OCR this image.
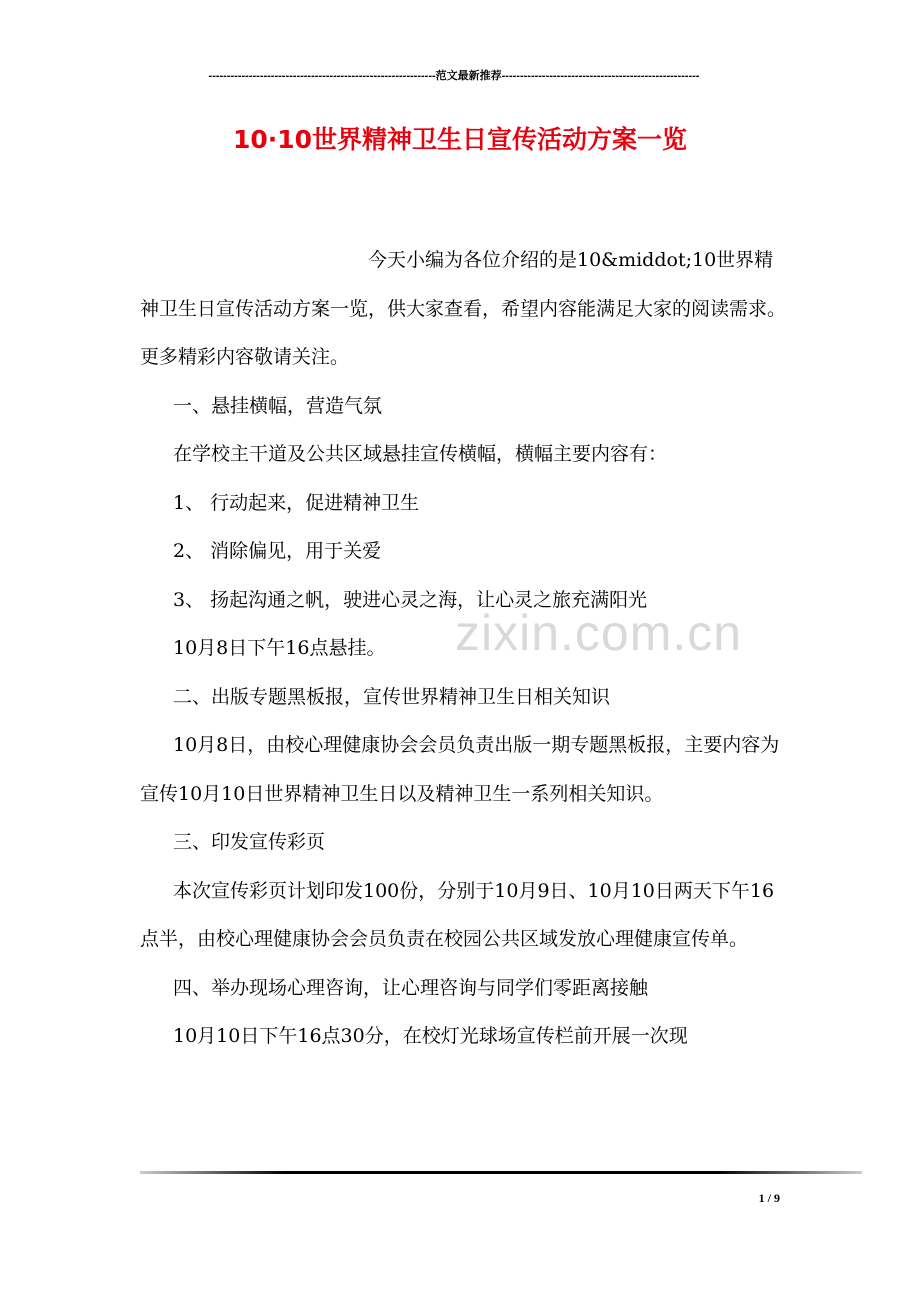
--------------------------------------------------------------范文最新推荐------------------------------------------------------
10·10世界精神卫生日宣传活动方案一览

今天小编为各位介绍的是10&middot;10世界精神卫生日宣传活动方案一览，供大家查看，希望内容能满足大家的阅读需求。更多精彩内容敬请关注。

一、悬挂横幅，营造气氛

在学校主干道及公共区域悬挂宣传横幅，横幅主要内容有：

1、 行动起来，促进精神卫生

2、 消除偏见，用于关爱

3、 扬起沟通之帆，驶进心灵之海，让心灵之旅充满阳光

10月8日下午16点悬挂。

二、出版专题黑板报，宣传世界精神卫生日相关知识

10月8日，由校心理健康协会会员负责出版一期专题黑板报，主要内容为宣传10月10日世界精神卫生日以及精神卫生一系列相关知识。

三、印发宣传彩页

本次宣传彩页计划印发100份，分别于10月9日、10月10日两天下午16点半，由校心理健康协会会员负责在校园公共区域发放心理健康宣传单。

四、举办现场心理咨询，让心理咨询与同学们零距离接触

10月10日下午16点30分，在校灯光球场宣传栏前开展一次现

zixin.com.cn
1 / 9
